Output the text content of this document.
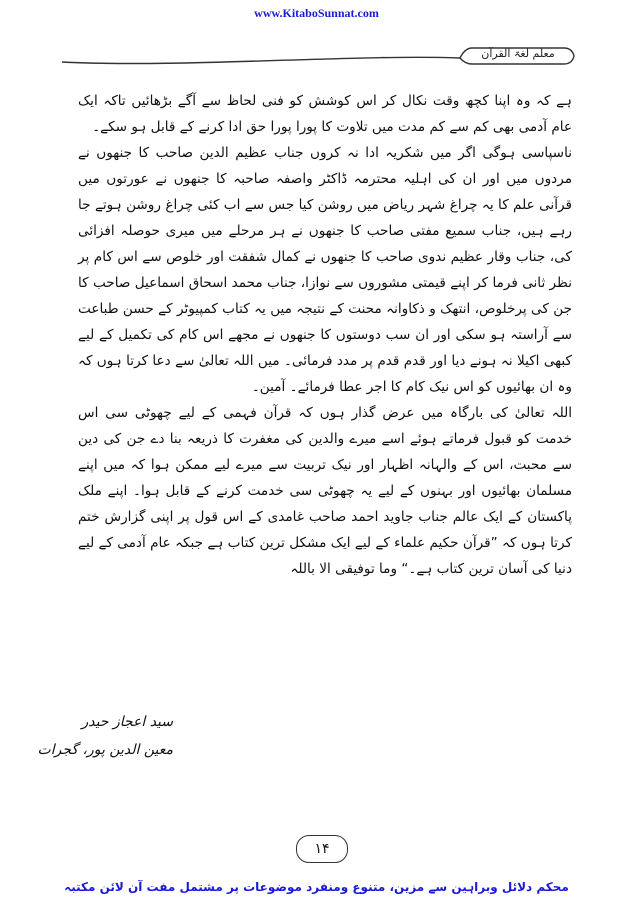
www.KitaboSunnat.com
معلم لغۃ القرآن

ہے کہ وہ اپنا کچھ وقت نکال کر اس کوشش کو فنی لحاظ سے آگے بڑھائیں تاکہ ایک عام آدمی بھی کم سے کم مدت میں تلاوت کا پورا پورا حق ادا کرنے کے قابل ہو سکے۔

ناسپاسی ہوگی اگر میں شکریہ ادا نہ کروں جناب عظیم الدین صاحب کا جنھوں نے مردوں میں اور ان کی اہلیہ محترمہ ڈاکٹر واصفہ صاحبہ کا جنھوں نے عورتوں میں قرآنی علم کا یہ چراغ شہر ریاض میں روشن کیا جس سے اب کئی چراغ روشن ہوتے جا رہے ہیں، جناب سمیع مفتی صاحب کا جنھوں نے ہر مرحلے میں میری حوصلہ افزائی کی، جناب وقار عظیم ندوی صاحب کا جنھوں نے کمال شفقت اور خلوص سے اس کام پر نظر ثانی فرما کر اپنے قیمتی مشوروں سے نوازا، جناب محمد اسحاق اسماعیل صاحب کا جن کی پرخلوص، انتھک و ذکاوانہ محنت کے نتیجہ میں یہ کتاب کمپیوٹر کے حسن طباعت سے آراستہ ہو سکی اور ان سب دوستوں کا جنھوں نے مجھے اس کام کی تکمیل کے لیے کبھی اکیلا نہ ہونے دیا اور قدم قدم پر مدد فرمائی۔ میں اللہ تعالیٰ سے دعا کرتا ہوں کہ وہ ان بھائیوں کو اس نیک کام کا اجر عطا فرمائے۔ آمین۔

اللہ تعالیٰ کی بارگاہ میں عرض گذار ہوں کہ قرآن فہمی کے لیے چھوٹی سی اس خدمت کو قبول فرماتے ہوئے اسے میرے والدین کی مغفرت کا ذریعہ بنا دے جن کی دین سے محبت، اس کے والہانہ اظہار اور نیک تربیت سے میرے لیے ممکن ہوا کہ میں اپنے مسلمان بھائیوں اور بہنوں کے لیے یہ چھوٹی سی خدمت کرنے کے قابل ہوا۔ اپنے ملک پاکستان کے ایک عالم جناب جاوید احمد صاحب غامدی کے اس قول پر اپنی گزارش ختم کرتا ہوں کہ ”قرآن حکیم علماء کے لیے ایک مشکل ترین کتاب ہے جبکہ عام آدمی کے لیے دنیا کی آسان ترین کتاب ہے۔“ وما توفیقی الا باللہ

سید اعجاز حیدر
معین الدین پور، گجرات
۱۴
محکم دلائل وبراہین سے مزین، متنوع ومنفرد موضوعات پر مشتمل مفت آن لائن مکتبہ
